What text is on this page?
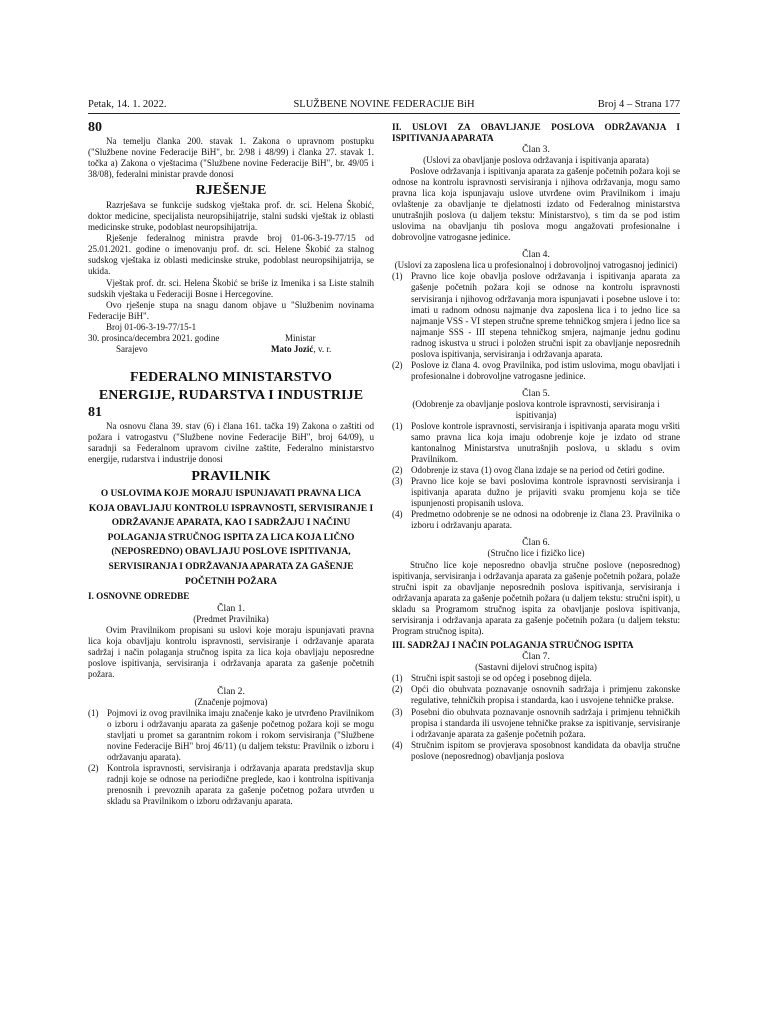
Petak, 14. 1. 2022.	SLUŽBENE NOVINE FEDERACIJE BiH	Broj 4 – Strana 177
80

Na temelju članka 200. stavak 1. Zakona o upravnom postupku ("Službene novine Federacije BiH", br. 2/98 i 48/99) i članka 27. stavak 1. točka a) Zakona o vještacima ("Službene novine Federacije BiH", br. 49/05 i 38/08), federalni ministar pravde donosi

RJEŠENJE

Razrješava se funkcije sudskog vještaka prof. dr. sci. Helena Škobić, doktor medicine, specijalista neuropsihijatrije, stalni sudski vještak iz oblasti medicinske struke, podoblast neuropsihijatrija.

Rješenje federalnog ministra pravde broj 01-06-3-19-77/15 od 25.01.2021. godine o imenovanju prof. dr. sci. Helene Škobić za stalnog sudskog vještaka iz oblasti medicinske struke, podoblast neuropsihijatrija, se ukida.

Vještak prof. dr. sci. Helena Škobić se briše iz Imenika i sa Liste stalnih sudskih vještaka u Federaciji Bosne i Hercegovine.

Ovo rješenje stupa na snagu danom objave u "Službenim novinama Federacije BiH".

Broj 01-06-3-19-77/15-1

30. prosinca/decembra 2021. godine
Sarajevo
Ministar
Mato Jozić, v. r.
FEDERALNO MINISTARSTVO
ENERGIJE, RUDARSTVA I INDUSTRIJE
81

Na osnovu člana 39. stav (6) i člana 161. tačka 19) Zakona o zaštiti od požara i vatrogastvu ("Službene novine Federacije BiH", broj 64/09), u saradnji sa Federalnom upravom civilne zaštite, Federalno ministarstvo energije, rudarstva i industrije donosi

PRAVILNIK
O USLOVIMA KOJE MORAJU ISPUNJAVATI PRAVNA LICA KOJA OBAVLJAJU KONTROLU ISPRAVNOSTI, SERVISIRANJE I ODRŽAVANJE APARATA, KAO I SADRŽAJU I NAČINU POLAGANJA STRUČNOG ISPITA ZA LICA KOJA LIČNO (NEPOSREDNO) OBAVLJAJU POSLOVE ISPITIVANJA, SERVISIRANJA I ODRŽAVANJA APARATA ZA GAŠENJE POČETNIH POŽARA
I. OSNOVNE ODREDBE
Član 1.
(Predmet Pravilnika)

Ovim Pravilnikom propisani su uslovi koje moraju ispunjavati pravna lica koja obavljaju kontrolu ispravnosti, servisiranje i održavanje aparata sadržaj i način polaganja stručnog ispita za lica koja obavljaju neposredne poslove ispitivanja, servisiranja i održavanja aparata za gašenje početnih požara.

Član 2.
(Značenje pojmova)
(1) Pojmovi iz ovog pravilnika imaju značenje kako je utvrđeno Pravilnikom o izboru i održavanju aparata za gašenje početnog požara koji se mogu stavljati u promet sa garantnim rokom i rokom servisiranja ("Službene novine Federacije BiH" broj 46/11) (u daljem tekstu: Pravilnik o izboru i održavanju aparata).
(2) Kontrola ispravnosti, servisiranja i održavanja aparata predstavlja skup radnji koje se odnose na periodične preglede, kao i kontrolna ispitivanja prenosnih i prevoznih aparata za gašenje početnog požara utvrđen u skladu sa Pravilnikom o izboru održavanju aparata.
II. USLOVI ZA OBAVLJANJE POSLOVA ODRŽAVANJA I ISPITIVANJA APARATA
Član 3.
(Uslovi za obavljanje poslova održavanja i ispitivanja aparata)

Poslove održavanja i ispitivanja aparata za gašenje početnih požara koji se odnose na kontrolu ispravnosti servisiranja i njihova održavanja, mogu samo pravna lica koja ispunjavaju uslove utvrđene ovim Pravilnikom i imaju ovlaštenje za obavljanje te djelatnosti izdato od Federalnog ministarstva unutrašnjih poslova (u daljem tekstu: Ministarstvo), s tim da se pod istim uslovima na obavljanju tih poslova mogu angažovati profesionalne i dobrovoljne vatrogasne jedinice.

Član 4.
(Uslovi za zaposlena lica u profesionalnoj i dobrovoljnoj vatrogasnoj jedinici)
(1) Pravno lice koje obavlja poslove održavanja i ispitivanja aparata za gašenje početnih požara koji se odnose na kontrolu ispravnosti servisiranja i njihovog održavanja mora ispunjavati i posebne uslove i to: imati u radnom odnosu najmanje dva zaposlena lica i to jedno lice sa najmanje VSS - VI stepen stručne spreme tehničkog smjera i jedno lice sa najmanje SSS - III stepena tehničkog smjera, najmanje jednu godinu radnog iskustva u struci i položen stručni ispit za obavljanje neposrednih poslova ispitivanja, servisiranja i održavanja aparata.
(2) Poslove iz člana 4. ovog Pravilnika, pod istim uslovima, mogu obavljati i profesionalne i dobrovoljne vatrogasne jedinice.
Član 5.
(Odobrenje za obavljanje poslova kontrole ispravnosti, servisiranja i ispitivanja)
(1) Poslove kontrole ispravnosti, servisiranja i ispitivanja aparata mogu vršiti samo pravna lica koja imaju odobrenje koje je izdato od strane kantonalnog Ministarstva unutrašnjih poslova, u skladu s ovim Pravilnikom.
(2) Odobrenje iz stava (1) ovog člana izdaje se na period od četiri godine.
(3) Pravno lice koje se bavi poslovima kontrole ispravnosti servisiranja i ispitivanja aparata dužno je prijaviti svaku promjenu koja se tiče ispunjenosti propisanih uslova.
(4) Predmetno odobrenje se ne odnosi na odobrenje iz člana 23. Pravilnika o izboru i održavanju aparata.
Član 6.
(Stručno lice i fizičko lice)

Stručno lice koje neposredno obavlja stručne poslove (neposrednog) ispitivanja, servisiranja i održavanja aparata za gašenje početnih požara, polaže stručni ispit za obavljanje neposrednih poslova ispitivanja, servisiranja i održavanja aparata za gašenje početnih požara (u daljem tekstu: stručni ispit), u skladu sa Programom stručnog ispita za obavljanje poslova ispitivanja, servisiranja i održavanja aparata za gašenje početnih požara (u daljem tekstu: Program stručnog ispita).

III. SADRŽAJ I NAČIN POLAGANJA STRUČNOG ISPITA
Član 7.
(Sastavni dijelovi stručnog ispita)
(1) Stručni ispit sastoji se od općeg i posebnog dijela.
(2) Opći dio obuhvata poznavanje osnovnih sadržaja i primjenu zakonske regulative, tehničkih propisa i standarda, kao i usvojene tehničke prakse.
(3) Posebni dio obuhvata poznavanje osnovnih sadržaja i primjenu tehničkih propisa i standarda ili usvojene tehničke prakse za ispitivanje, servisiranje i održavanje aparata za gašenje početnih požara.
(4) Stručnim ispitom se provjerava sposobnost kandidata da obavlja stručne poslove (neposrednog) obavljanja poslova
